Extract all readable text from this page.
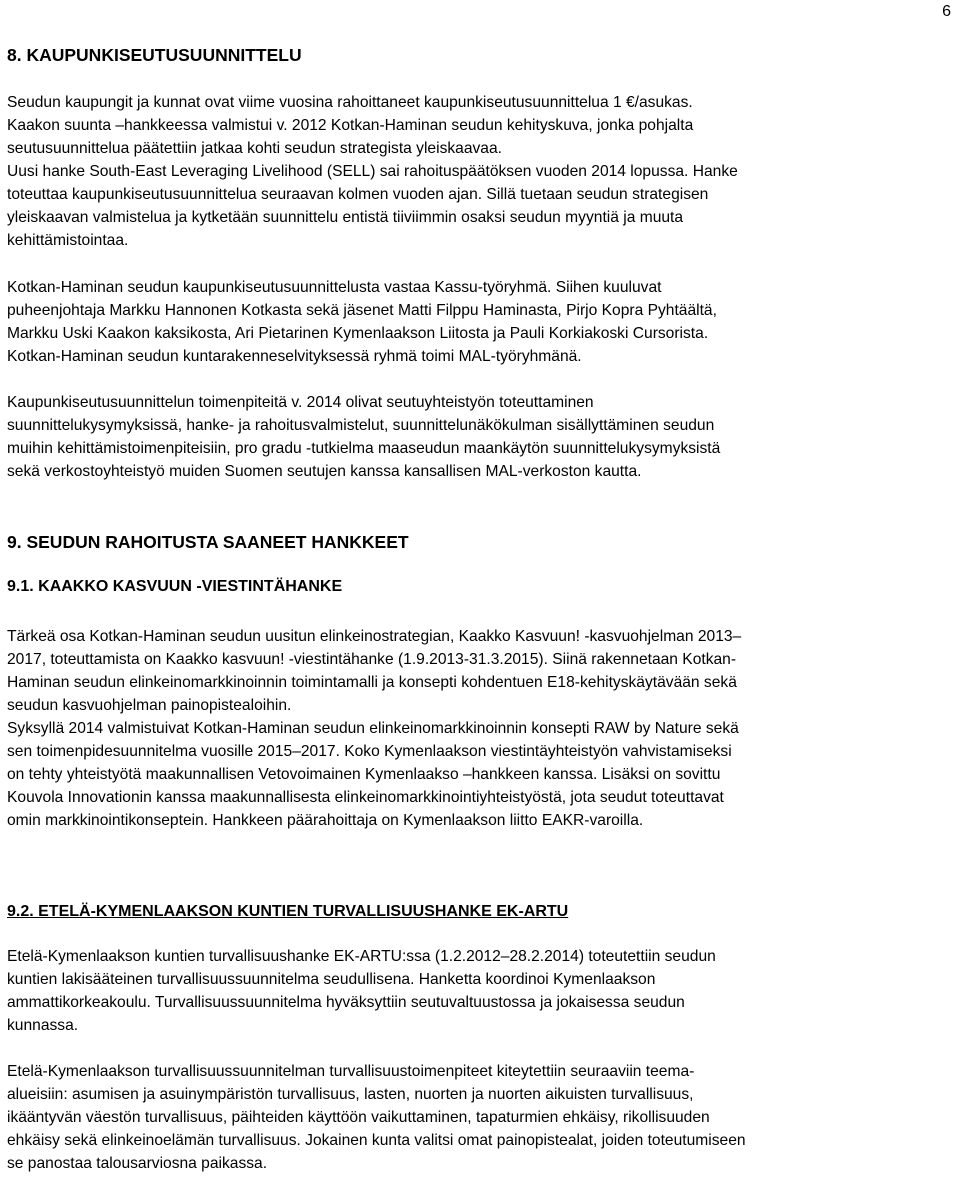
6
8. KAUPUNKISEUTUSUUNNITTELU

Seudun kaupungit ja kunnat ovat viime vuosina rahoittaneet kaupunkiseutusuunnittelua 1 €/asukas.
Kaakon suunta –hankkeessa valmistui v. 2012 Kotkan-Haminan seudun kehityskuva, jonka pohjalta
seutusuunnittelua päätettiin jatkaa kohti seudun strategista yleiskaavaa.
Uusi hanke South-East Leveraging Livelihood (SELL) sai rahoituspäätöksen vuoden 2014 lopussa. Hanke
toteuttaa kaupunkiseutusuunnittelua seuraavan kolmen vuoden ajan. Sillä tuetaan seudun strategisen
yleiskaavan valmistelua ja kytketään suunnittelu entistä tiiviimmin osaksi seudun myyntiä ja muuta
kehittämistointaa.

Kotkan-Haminan seudun kaupunkiseutusuunnittelusta vastaa Kassu-työryhmä. Siihen kuuluvat
puheenjohtaja Markku Hannonen Kotkasta sekä jäsenet Matti Filppu Haminasta, Pirjo Kopra Pyhtäältä,
Markku Uski Kaakon kaksikosta, Ari Pietarinen Kymenlaakson Liitosta ja Pauli Korkiakoski Cursorista.
Kotkan-Haminan seudun kuntarakenneselvityksessä ryhmä toimi MAL-työryhmänä.

Kaupunkiseutusuunnittelun toimenpiteitä v. 2014 olivat seutuyhteistyön toteuttaminen
suunnittelukysymyksissä, hanke- ja rahoitusvalmistelut, suunnittelunäkökulman sisällyttäminen seudun
muihin kehittämistoimenpiteisiin, pro gradu -tutkielma maaseudun maankäytön suunnittelukysymyksistä
sekä verkostoyhteistyö muiden Suomen seutujen kanssa kansallisen MAL-verkoston kautta.

9. SEUDUN RAHOITUSTA SAANEET HANKKEET
9.1. KAAKKO KASVUUN -VIESTINTÄHANKE

Tärkeä osa Kotkan-Haminan seudun uusitun elinkeinostrategian, Kaakko Kasvuun! -kasvuohjelman 2013–
2017, toteuttamista on Kaakko kasvuun! -viestintähanke (1.9.2013-31.3.2015). Siinä rakennetaan Kotkan-
Haminan seudun elinkeinomarkkinoinnin toimintamalli ja konsepti kohdentuen E18-kehityskäytävään sekä
seudun kasvuohjelman painopistealoihin.
Syksyllä 2014 valmistuivat Kotkan-Haminan seudun elinkeinomarkkinoinnin konsepti RAW by Nature sekä
sen toimenpidesuunnitelma vuosille 2015–2017. Koko Kymenlaakson viestintäyhteistyön vahvistamiseksi
on tehty yhteistyötä maakunnallisen Vetovoimainen Kymenlaakso –hankkeen kanssa. Lisäksi on sovittu
Kouvola Innovationin kanssa maakunnallisesta elinkeinomarkkinointiyhteistyöstä, jota seudut toteuttavat
omin markkinointikonseptein. Hankkeen päärahoittaja on Kymenlaakson liitto EAKR-varoilla.

9.2. ETELÄ-KYMENLAAKSON KUNTIEN TURVALLISUUSHANKE EK-ARTU

Etelä-Kymenlaakson kuntien turvallisuushanke EK-ARTU:ssa (1.2.2012–28.2.2014) toteutettiin seudun
kuntien lakisääteinen turvallisuussuunnitelma seudullisena. Hanketta koordinoi Kymenlaakson
ammattikorkeakoulu. Turvallisuussuunnitelma hyväksyttiin seutuvaltuustossa ja jokaisessa seudun
kunnassa.

Etelä-Kymenlaakson turvallisuussuunnitelman turvallisuustoimenpiteet kiteytettiin seuraaviin teema-
alueisiin: asumisen ja asuinympäristön turvallisuus, lasten, nuorten ja nuorten aikuisten turvallisuus,
ikääntyvän väestön turvallisuus, päihteiden käyttöön vaikuttaminen, tapaturmien ehkäisy, rikollisuuden
ehkäisy sekä elinkeinoelämän turvallisuus. Jokainen kunta valitsi omat painopistealat, joiden toteutumiseen
se panostaa talousarviosna paikassa.
